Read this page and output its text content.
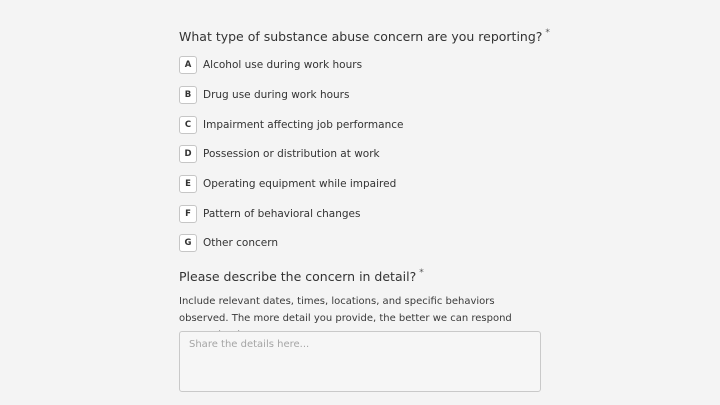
What type of substance abuse concern are you reporting? *
A	Alcohol use during work hours
B	Drug use during work hours
C	Impairment affecting job performance
D	Possession or distribution at work
E	Operating equipment while impaired
F	Pattern of behavioral changes
G	Other concern
Please describe the concern in detail? *
Include relevant dates, times, locations, and specific behaviors observed. The more detail you provide, the better we can respond
Share the details here...
